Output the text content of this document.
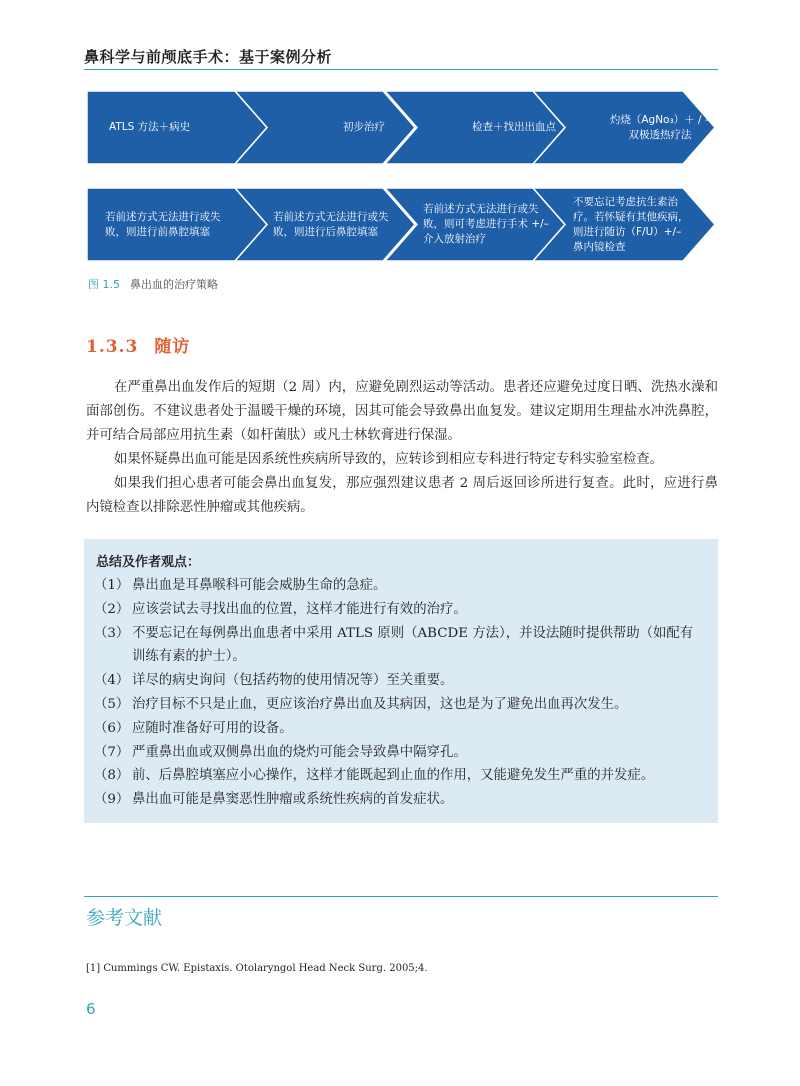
鼻科学与前颅底手术：基于案例分析
ATLS 方法＋病史	初步治疗	检查＋找出出血点
灼烧（AgNo₃）＋ / –
双极透热疗法
若前述方式无法进行或失
败，则进行前鼻腔填塞
若前述方式无法进行或失
败，则进行后鼻腔填塞
若前述方式无法进行或失
败，则可考虑进行手术 +/–
介入放射治疗
不要忘记考虑抗生素治
疗。若怀疑有其他疾病，
则进行随访（F/U）+/–
鼻内镜检查
图 1.5 鼻出血的治疗策略
1.3.3 随访

在严重鼻出血发作后的短期（2 周）内，应避免剧烈运动等活动。患者还应避免过度日晒、洗热水澡和面部创伤。不建议患者处于温暖干燥的环境，因其可能会导致鼻出血复发。建议定期用生理盐水冲洗鼻腔，并可结合局部应用抗生素（如杆菌肽）或凡士林软膏进行保湿。

如果怀疑鼻出血可能是因系统性疾病所导致的，应转诊到相应专科进行特定专科实验室检查。

如果我们担心患者可能会鼻出血复发，那应强烈建议患者 2 周后返回诊所进行复查。此时，应进行鼻内镜检查以排除恶性肿瘤或其他疾病。

总结及作者观点：
（1） 鼻出血是耳鼻喉科可能会威胁生命的急症。
（2） 应该尝试去寻找出血的位置，这样才能进行有效的治疗。
（3） 不要忘记在每例鼻出血患者中采用 ATLS 原则（ABCDE 方法），并设法随时提供帮助（如配有训练有素的护士）。
（4） 详尽的病史询问（包括药物的使用情况等）至关重要。
（5） 治疗目标不只是止血，更应该治疗鼻出血及其病因，这也是为了避免出血再次发生。
（6） 应随时准备好可用的设备。
（7） 严重鼻出血或双侧鼻出血的烧灼可能会导致鼻中隔穿孔。
（8） 前、后鼻腔填塞应小心操作，这样才能既起到止血的作用，又能避免发生严重的并发症。
（9） 鼻出血可能是鼻窦恶性肿瘤或系统性疾病的首发症状。
参考文献
[1] Cummings CW. Epistaxis. Otolaryngol Head Neck Surg. 2005;4.
6
